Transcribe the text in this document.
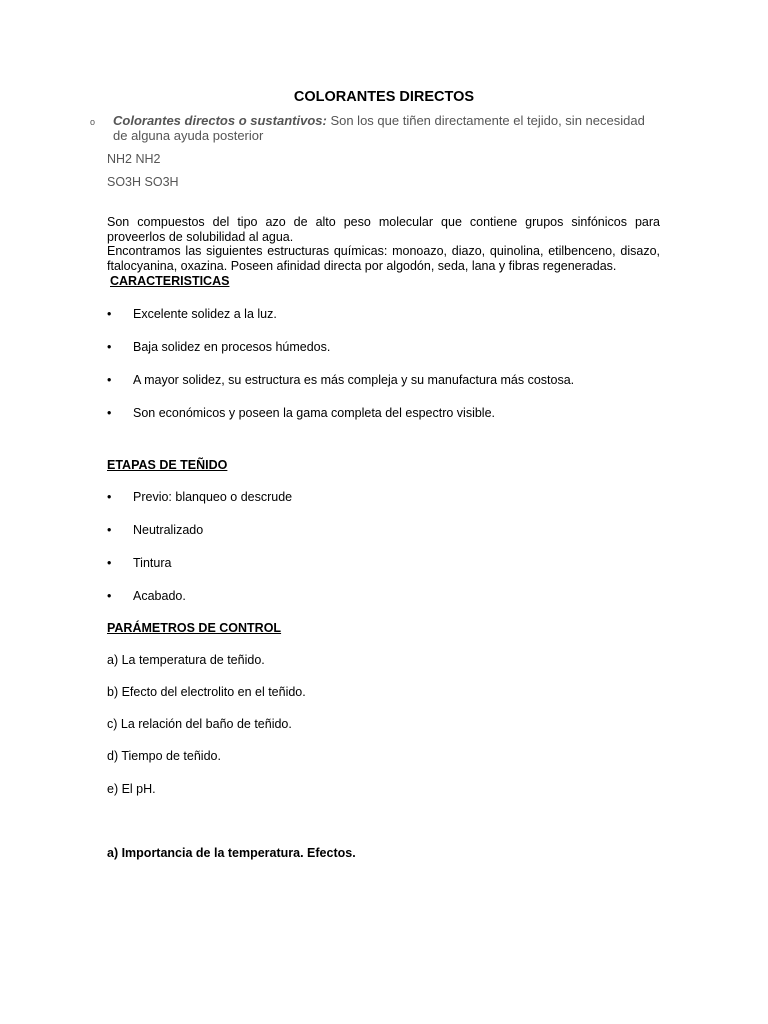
COLORANTES DIRECTOS
o Colorantes directos o sustantivos: Son los que tiñen directamente el tejido, sin necesidad de alguna ayuda posterior
NH2 NH2
SO3H SO3H

Son compuestos del tipo azo de alto peso molecular que contiene grupos sinfónicos para proveerlos de solubilidad al agua.

Encontramos las siguientes estructuras químicas: monoazo, diazo, quinolina, etilbenceno, disazo, ftalocyanina, oxazina. Poseen afinidad directa por algodón, seda, lana y fibras regeneradas.

CARACTERISTICAS
• Excelente solidez a la luz.
• Baja solidez en procesos húmedos.
• A mayor solidez, su estructura es más compleja y su manufactura más costosa.
• Son económicos y poseen la gama completa del espectro visible.
ETAPAS DE TEÑIDO
• Previo: blanqueo o descrude
• Neutralizado
• Tintura
• Acabado.
PARÁMETROS DE CONTROL
a) La temperatura de teñido.
b) Efecto del electrolito en el teñido.
c) La relación del baño de teñido.
d) Tiempo de teñido.
e) El pH.
a) Importancia de la temperatura. Efectos.
